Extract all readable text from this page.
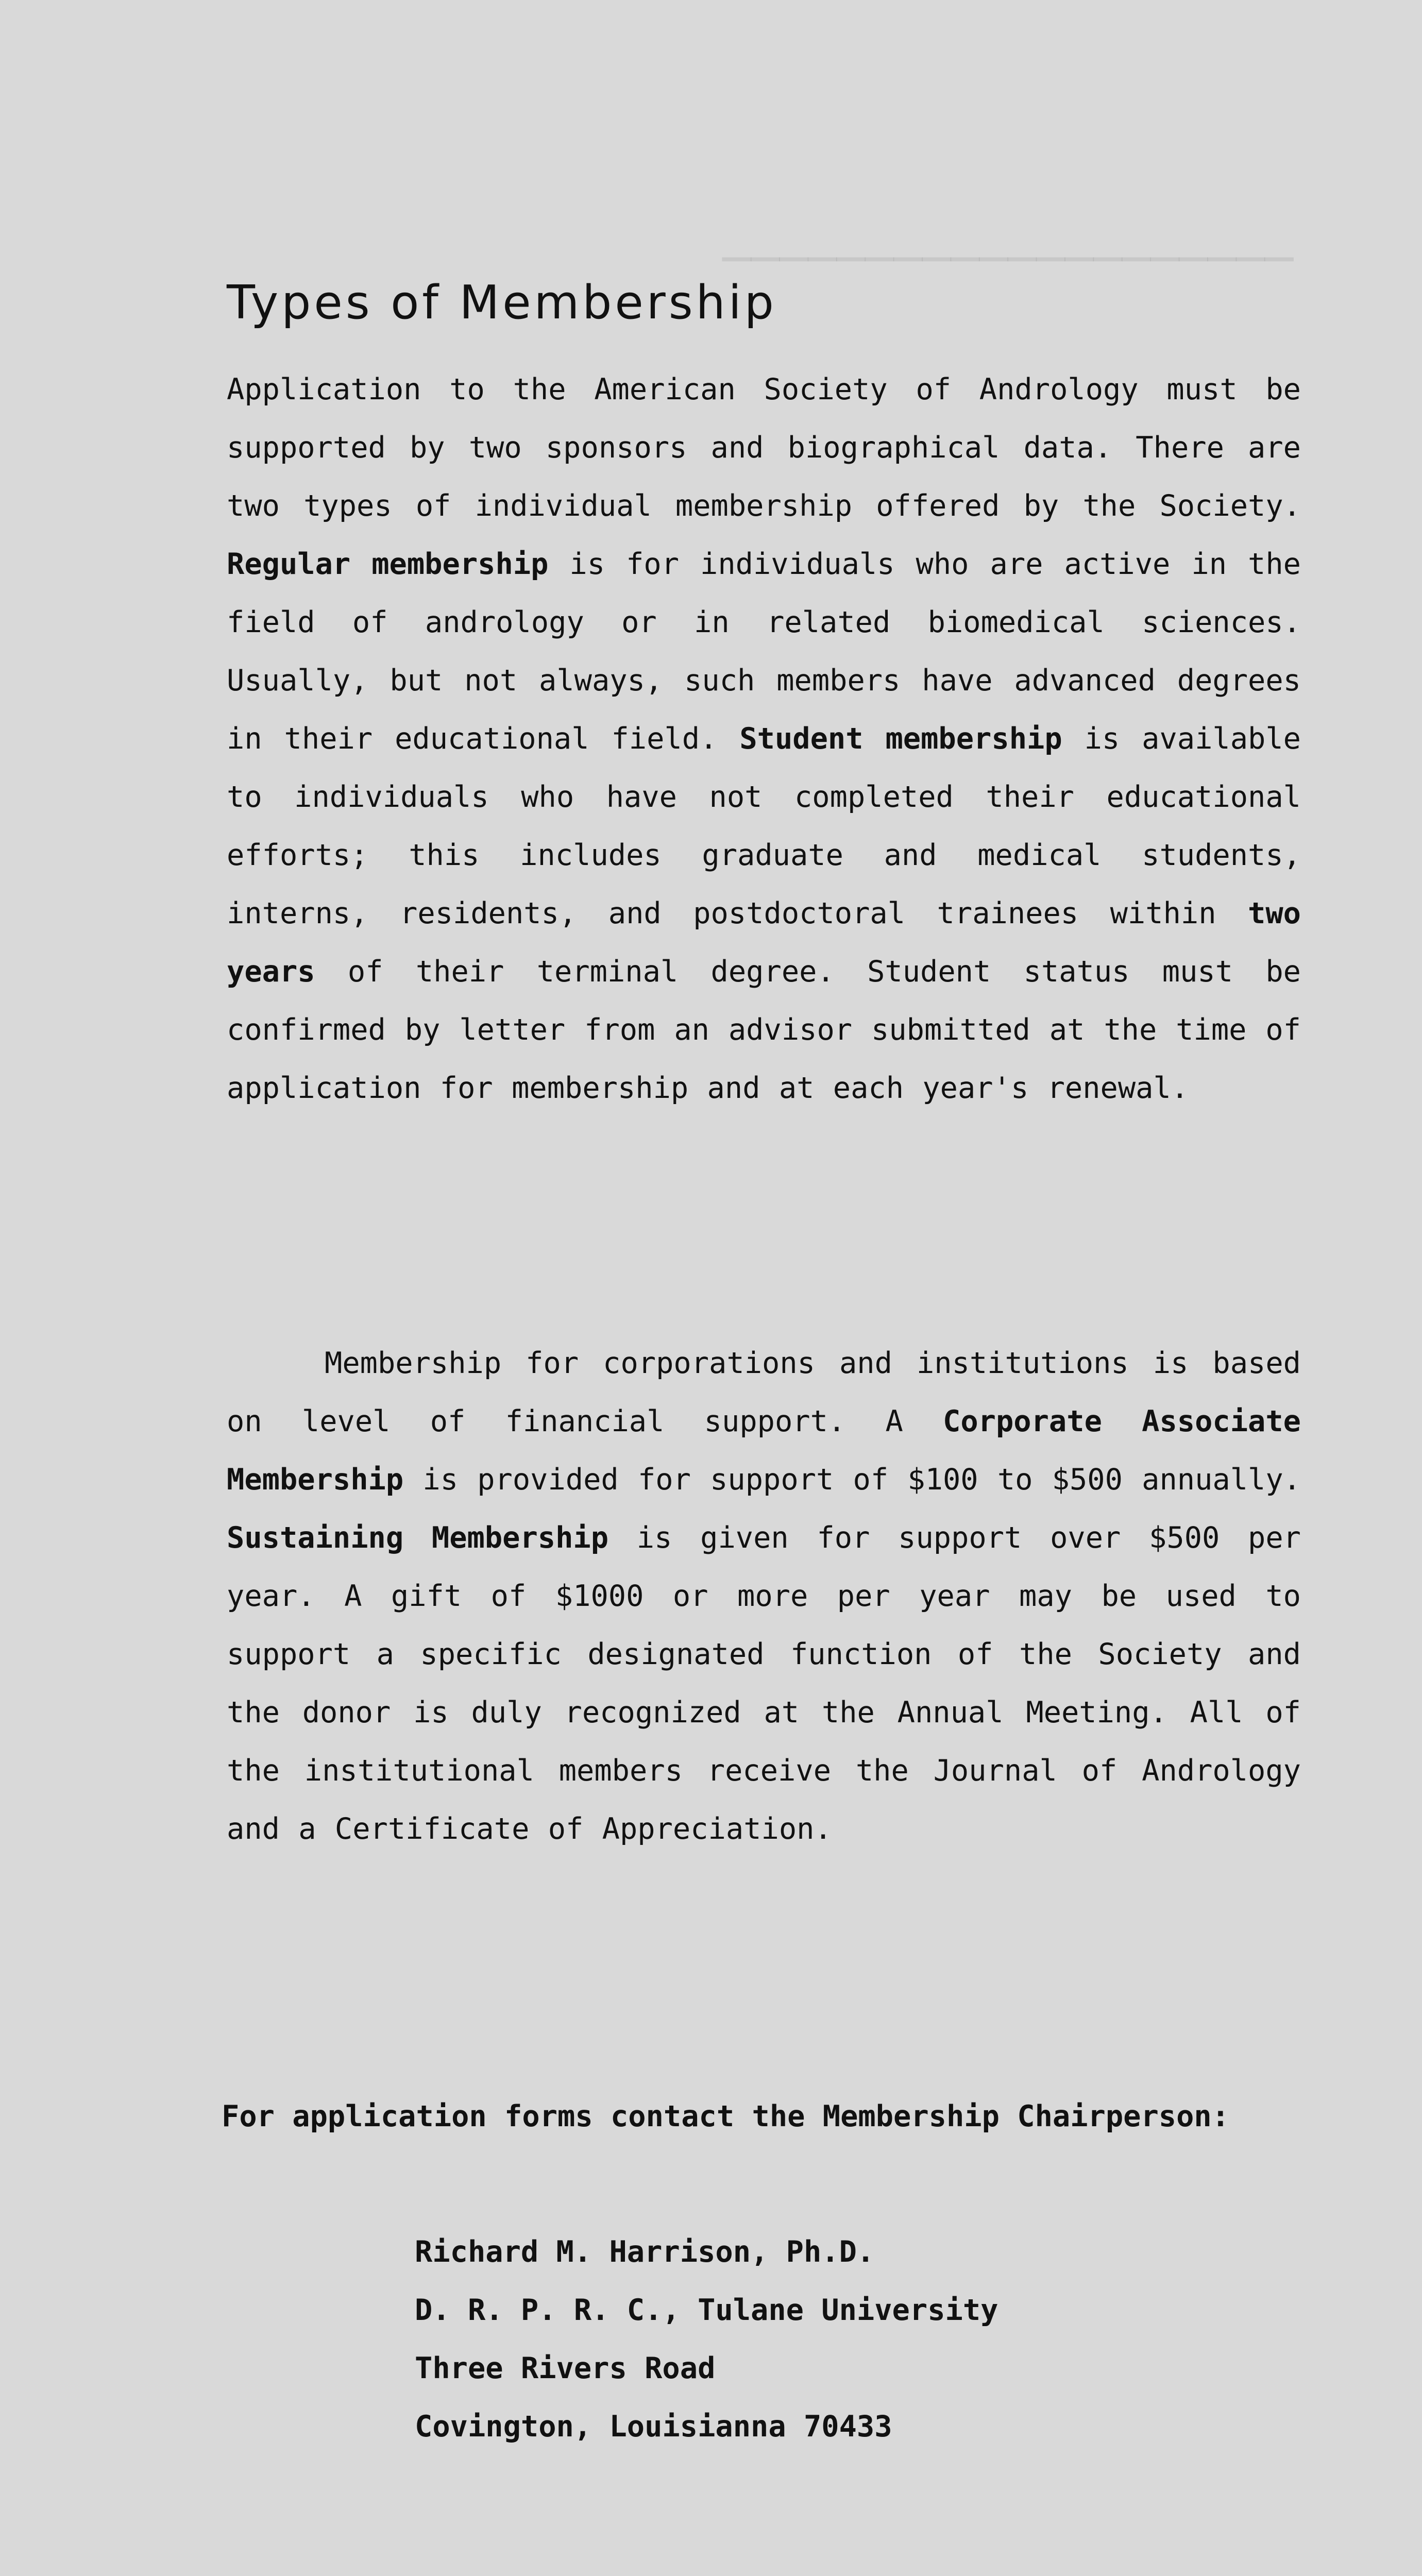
────────────────────
Types of Membership

Application to the American Society of Andrology must be supported by two sponsors and biographical data. There are two types of individual membership offered by the Society. Regular membership is for individuals who are active in the field of andrology or in related biomedical sciences. Usually, but not always, such members have advanced degrees in their educational field. Student membership is available to individuals who have not completed their educational efforts; this includes graduate and medical students, interns, residents, and postdoctoral trainees within two years of their terminal degree. Student status must be confirmed by letter from an advisor submitted at the time of application for membership and at each year's renewal.

Membership for corporations and institutions is based on level of financial support. A Corporate Associate Membership is provided for support of $100 to $500 annually. Sustaining Membership is given for support over $500 per year. A gift of $1000 or more per year may be used to support a specific designated function of the Society and the donor is duly recognized at the Annual Meeting. All of the institutional members receive the Journal of Andrology and a Certificate of Appreciation.

For application forms contact the Membership Chairperson:

Richard M. Harrison, Ph.D.
D. R. P. R. C., Tulane University
Three Rivers Road
Covington, Louisianna 70433
